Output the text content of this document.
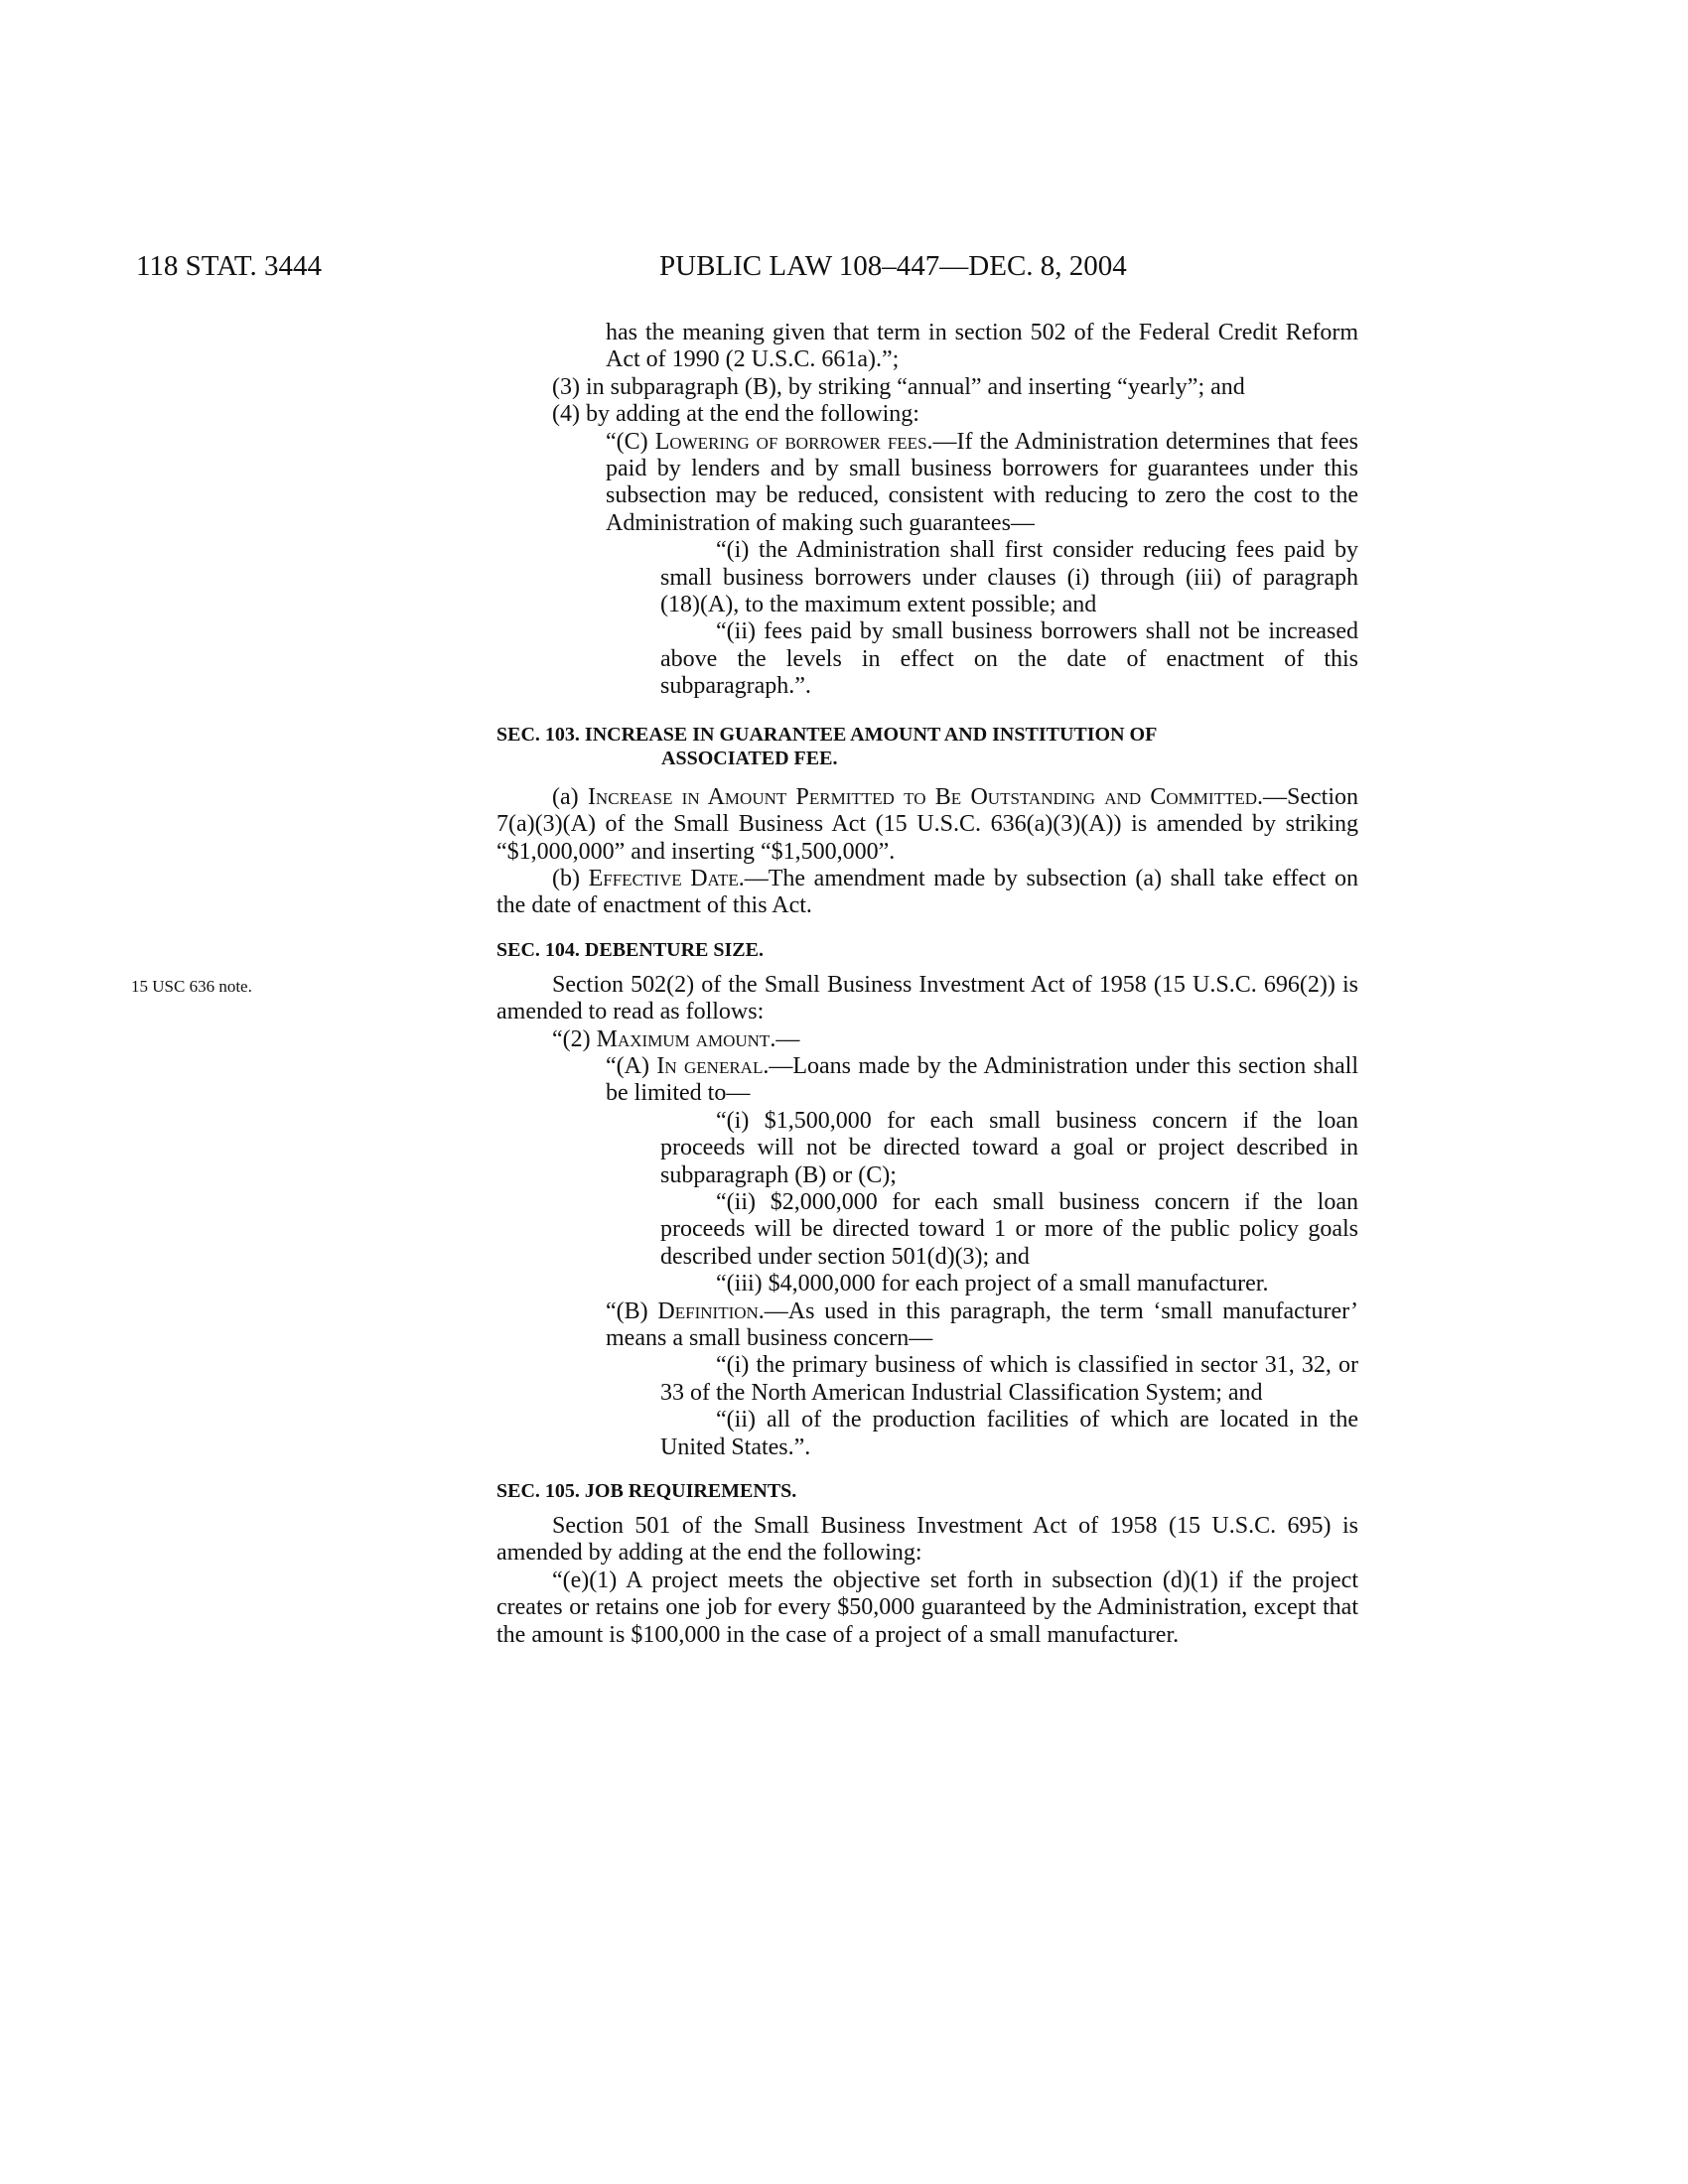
118 STAT. 3444	PUBLIC LAW 108–447—DEC. 8, 2004
15 USC 636 note.

has the meaning given that term in section 502 of the Federal Credit Reform Act of 1990 (2 U.S.C. 661a).”;

(3) in subparagraph (B), by striking “annual” and inserting “yearly”; and

(4) by adding at the end the following:

“(C) Lowering of borrower fees.—If the Administration determines that fees paid by lenders and by small business borrowers for guarantees under this subsection may be reduced, consistent with reducing to zero the cost to the Administration of making such guarantees—

“(i) the Administration shall first consider reducing fees paid by small business borrowers under clauses (i) through (iii) of paragraph (18)(A), to the maximum extent possible; and

“(ii) fees paid by small business borrowers shall not be increased above the levels in effect on the date of enactment of this subparagraph.”.

SEC. 103. INCREASE IN GUARANTEE AMOUNT AND INSTITUTION OF
ASSOCIATED FEE.

(a) Increase in Amount Permitted to Be Outstanding and Committed.—Section 7(a)(3)(A) of the Small Business Act (15 U.S.C. 636(a)(3)(A)) is amended by striking “$1,000,000” and inserting “$1,500,000”.

(b) Effective Date.—The amendment made by subsection (a) shall take effect on the date of enactment of this Act.

SEC. 104. DEBENTURE SIZE.

Section 502(2) of the Small Business Investment Act of 1958 (15 U.S.C. 696(2)) is amended to read as follows:

“(2) Maximum amount.—

“(A) In general.—Loans made by the Administration under this section shall be limited to—

“(i) $1,500,000 for each small business concern if the loan proceeds will not be directed toward a goal or project described in subparagraph (B) or (C);

“(ii) $2,000,000 for each small business concern if the loan proceeds will be directed toward 1 or more of the public policy goals described under section 501(d)(3); and

“(iii) $4,000,000 for each project of a small manufacturer.

“(B) Definition.—As used in this paragraph, the term ‘small manufacturer’ means a small business concern—

“(i) the primary business of which is classified in sector 31, 32, or 33 of the North American Industrial Classification System; and

“(ii) all of the production facilities of which are located in the United States.”.

SEC. 105. JOB REQUIREMENTS.

Section 501 of the Small Business Investment Act of 1958 (15 U.S.C. 695) is amended by adding at the end the following:

“(e)(1) A project meets the objective set forth in subsection (d)(1) if the project creates or retains one job for every $50,000 guaranteed by the Administration, except that the amount is $100,000 in the case of a project of a small manufacturer.
